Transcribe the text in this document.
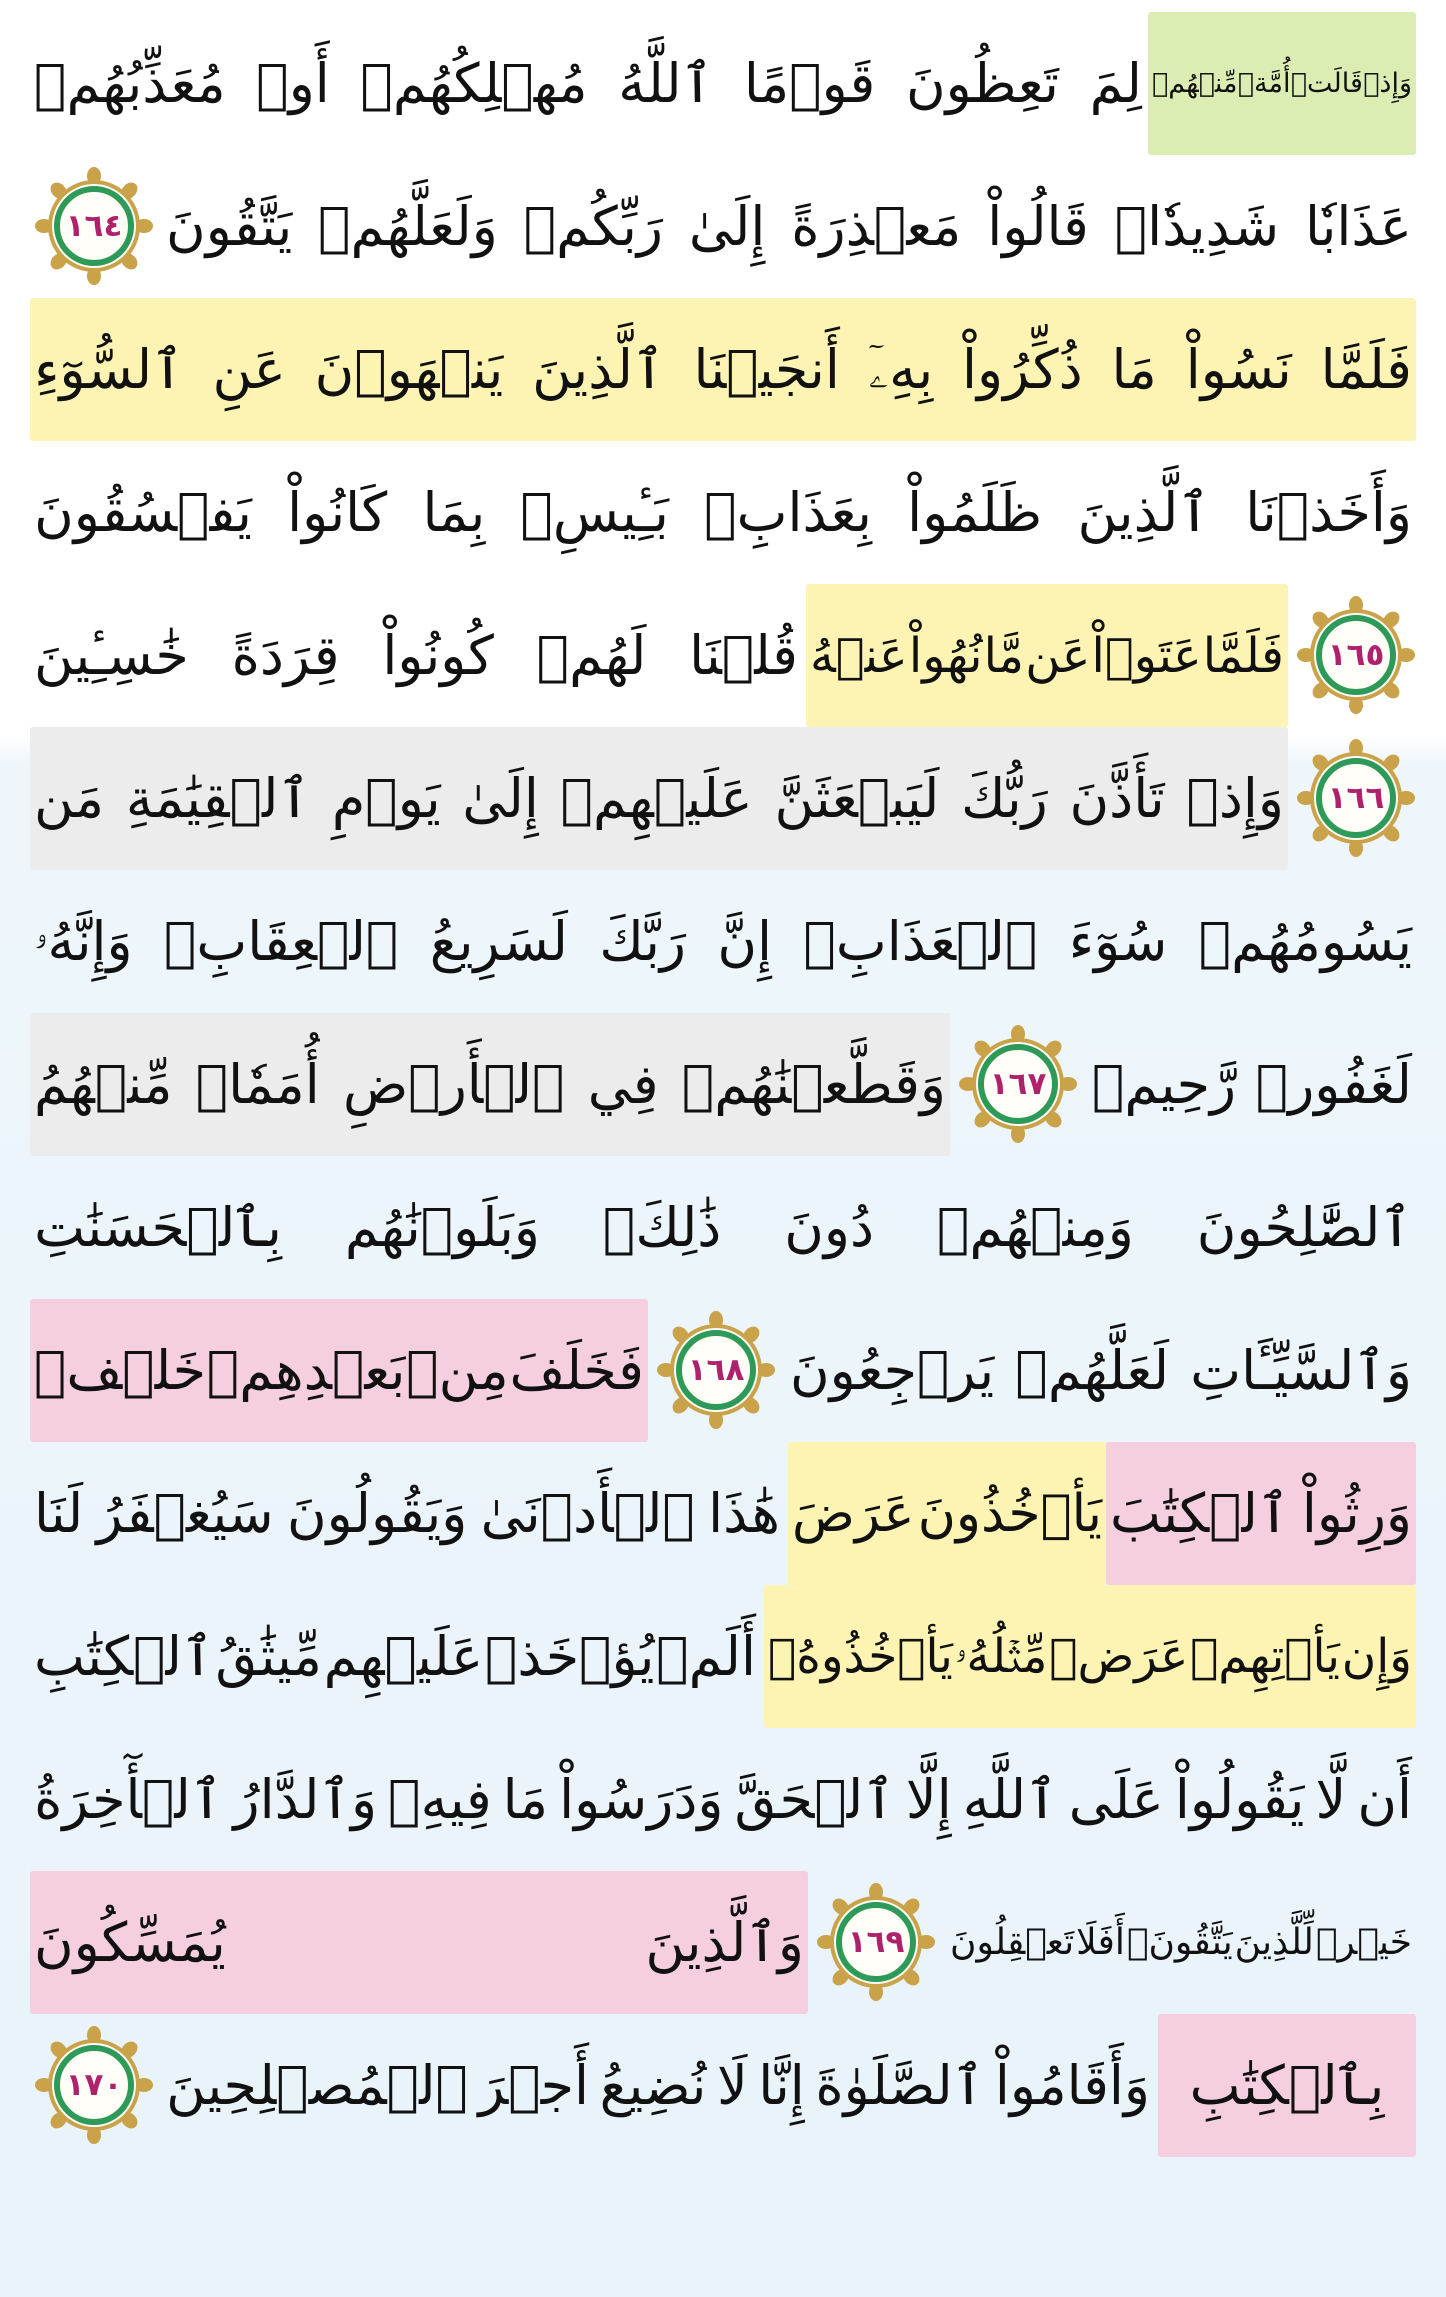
وَإِذۡ
قَالَتۡ
أُمَّةٞ
مِّنۡهُمۡ
لِمَ
تَعِظُونَ
قَوۡمًا
ٱللَّهُ
مُهۡلِكُهُمۡ
أَوۡ
مُعَذِّبُهُمۡ
عَذَابٗا
شَدِيدٗاۖ
قَالُواْ
مَعۡذِرَةً
إِلَىٰ
رَبِّكُمۡ
وَلَعَلَّهُمۡ
يَتَّقُونَ
١٦٤
فَلَمَّا
نَسُواْ
مَا
ذُكِّرُواْ
بِهِۦٓ
أَنجَيۡنَا
ٱلَّذِينَ
يَنۡهَوۡنَ
عَنِ
ٱلسُّوٓءِ
وَأَخَذۡنَا
ٱلَّذِينَ
ظَلَمُواْ
بِعَذَابِۭ
بَـِٔيسِۭ
بِمَا
كَانُواْ
يَفۡسُقُونَ
١٦٥
فَلَمَّا
عَتَوۡاْ
عَن
مَّا
نُهُواْ
عَنۡهُ
قُلۡنَا
لَهُمۡ
كُونُواْ
قِرَدَةً
خَٰسِـِٔينَ
١٦٦
وَإِذۡ
تَأَذَّنَ
رَبُّكَ
لَيَبۡعَثَنَّ
عَلَيۡهِمۡ
إِلَىٰ
يَوۡمِ
ٱلۡقِيَٰمَةِ
مَن
يَسُومُهُمۡ
سُوٓءَ
ٱلۡعَذَابِۗ
إِنَّ
رَبَّكَ
لَسَرِيعُ
ٱلۡعِقَابِۖ
وَإِنَّهُۥ
لَغَفُورٞ
رَّحِيمٞ
١٦٧
وَقَطَّعۡنَٰهُمۡ
فِي
ٱلۡأَرۡضِ
أُمَمٗاۖ
مِّنۡهُمُ
ٱلصَّٰلِحُونَ
وَمِنۡهُمۡ
دُونَ
ذَٰلِكَۖ
وَبَلَوۡنَٰهُم
بِٱلۡحَسَنَٰتِ
وَٱلسَّيِّـَٔاتِ
لَعَلَّهُمۡ
يَرۡجِعُونَ
١٦٨
فَخَلَفَ
مِنۢ
بَعۡدِهِمۡ
خَلۡفٞ
وَرِثُواْ
ٱلۡكِتَٰبَ
يَأۡخُذُونَ
عَرَضَ
هَٰذَا
ٱلۡأَدۡنَىٰ
وَيَقُولُونَ
سَيُغۡفَرُ
لَنَا
وَإِن
يَأۡتِهِمۡ
عَرَضٞ
مِّثۡلُهُۥ
يَأۡخُذُوهُۚ
أَلَمۡ
يُؤۡخَذۡ
عَلَيۡهِم
مِّيثَٰقُ
ٱلۡكِتَٰبِ
أَن
لَّا
يَقُولُواْ
عَلَى
ٱللَّهِ
إِلَّا
ٱلۡحَقَّ
وَدَرَسُواْ
مَا
فِيهِۗ
وَٱلدَّارُ
ٱلۡأٓخِرَةُ
خَيۡرٞ
لِّلَّذِينَ
يَتَّقُونَۚ
أَفَلَا
تَعۡقِلُونَ
١٦٩
وَٱلَّذِينَ
يُمَسِّكُونَ
بِٱلۡكِتَٰبِ
وَأَقَامُواْ
ٱلصَّلَوٰةَ
إِنَّا
لَا
نُضِيعُ
أَجۡرَ
ٱلۡمُصۡلِحِينَ
١٧٠
